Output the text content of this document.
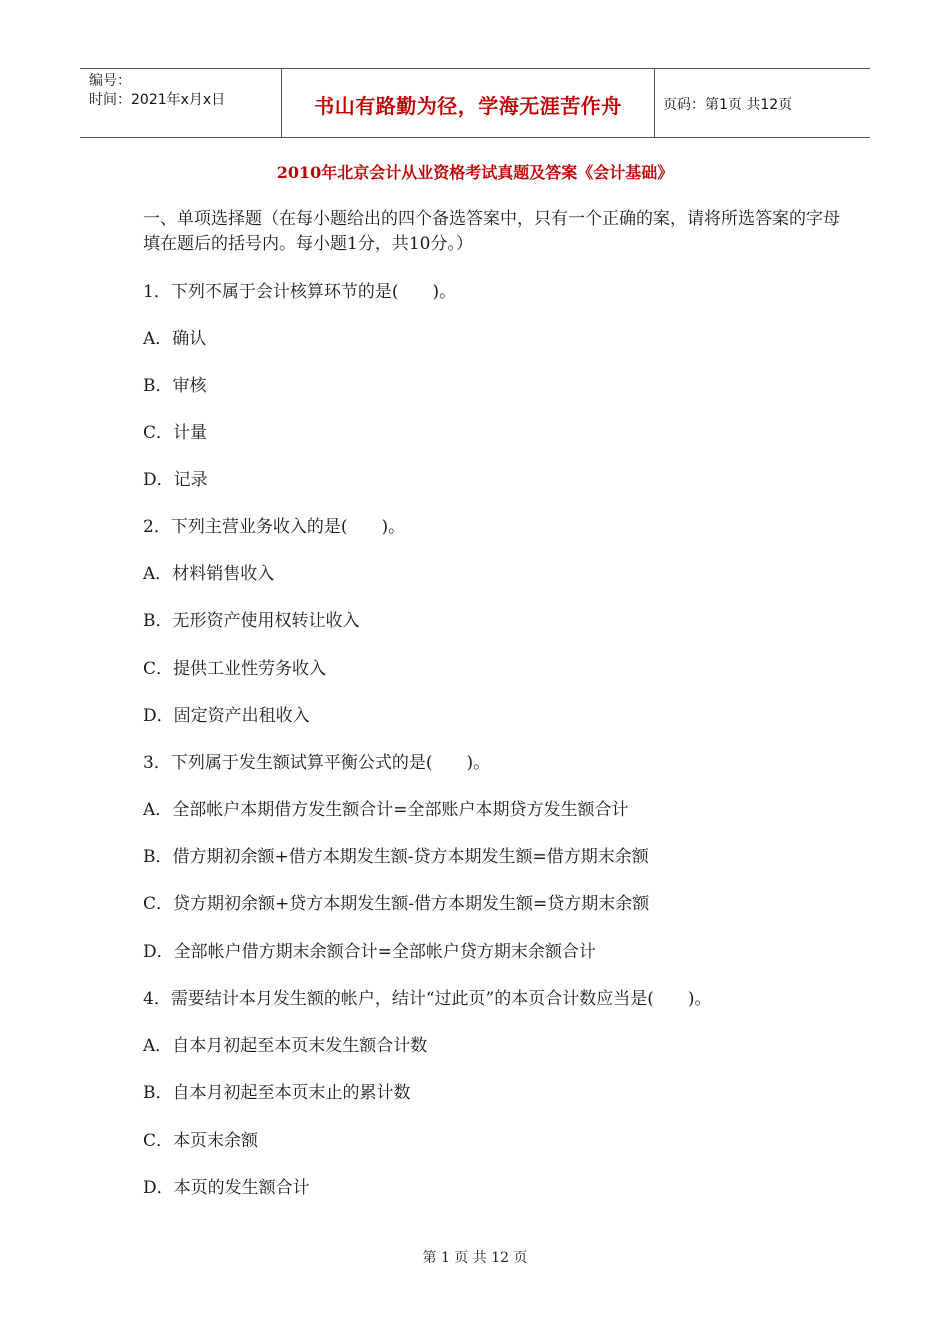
编号：
时间：2021年x月x日	书山有路勤为径，学海无涯苦作舟	页码：第1页 共12页
2010年北京会计从业资格考试真题及答案《会计基础》
一、单项选择题（在每小题给出的四个备选答案中，只有一个正确的案，请将所选答案的字母填在题后的括号内。每小题1分，共10分。）
1．下列不属于会计核算环节的是(　　)。
A．确认
B．审核
C．计量
D．记录
2．下列主营业务收入的是(　　)。
A．材料销售收入
B．无形资产使用权转让收入
C．提供工业性劳务收入
D．固定资产出租收入
3．下列属于发生额试算平衡公式的是(　　)。
A．全部帐户本期借方发生额合计=全部账户本期贷方发生额合计
B．借方期初余额+借方本期发生额-贷方本期发生额=借方期末余额
C．贷方期初余额+贷方本期发生额-借方本期发生额=贷方期末余额
D．全部帐户借方期末余额合计=全部帐户贷方期末余额合计
4．需要结计本月发生额的帐户，结计“过此页”的本页合计数应当是(　　)。
A．自本月初起至本页末发生额合计数
B．自本月初起至本页末止的累计数
C．本页末余额
D．本页的发生额合计
第 1 页 共 12 页
